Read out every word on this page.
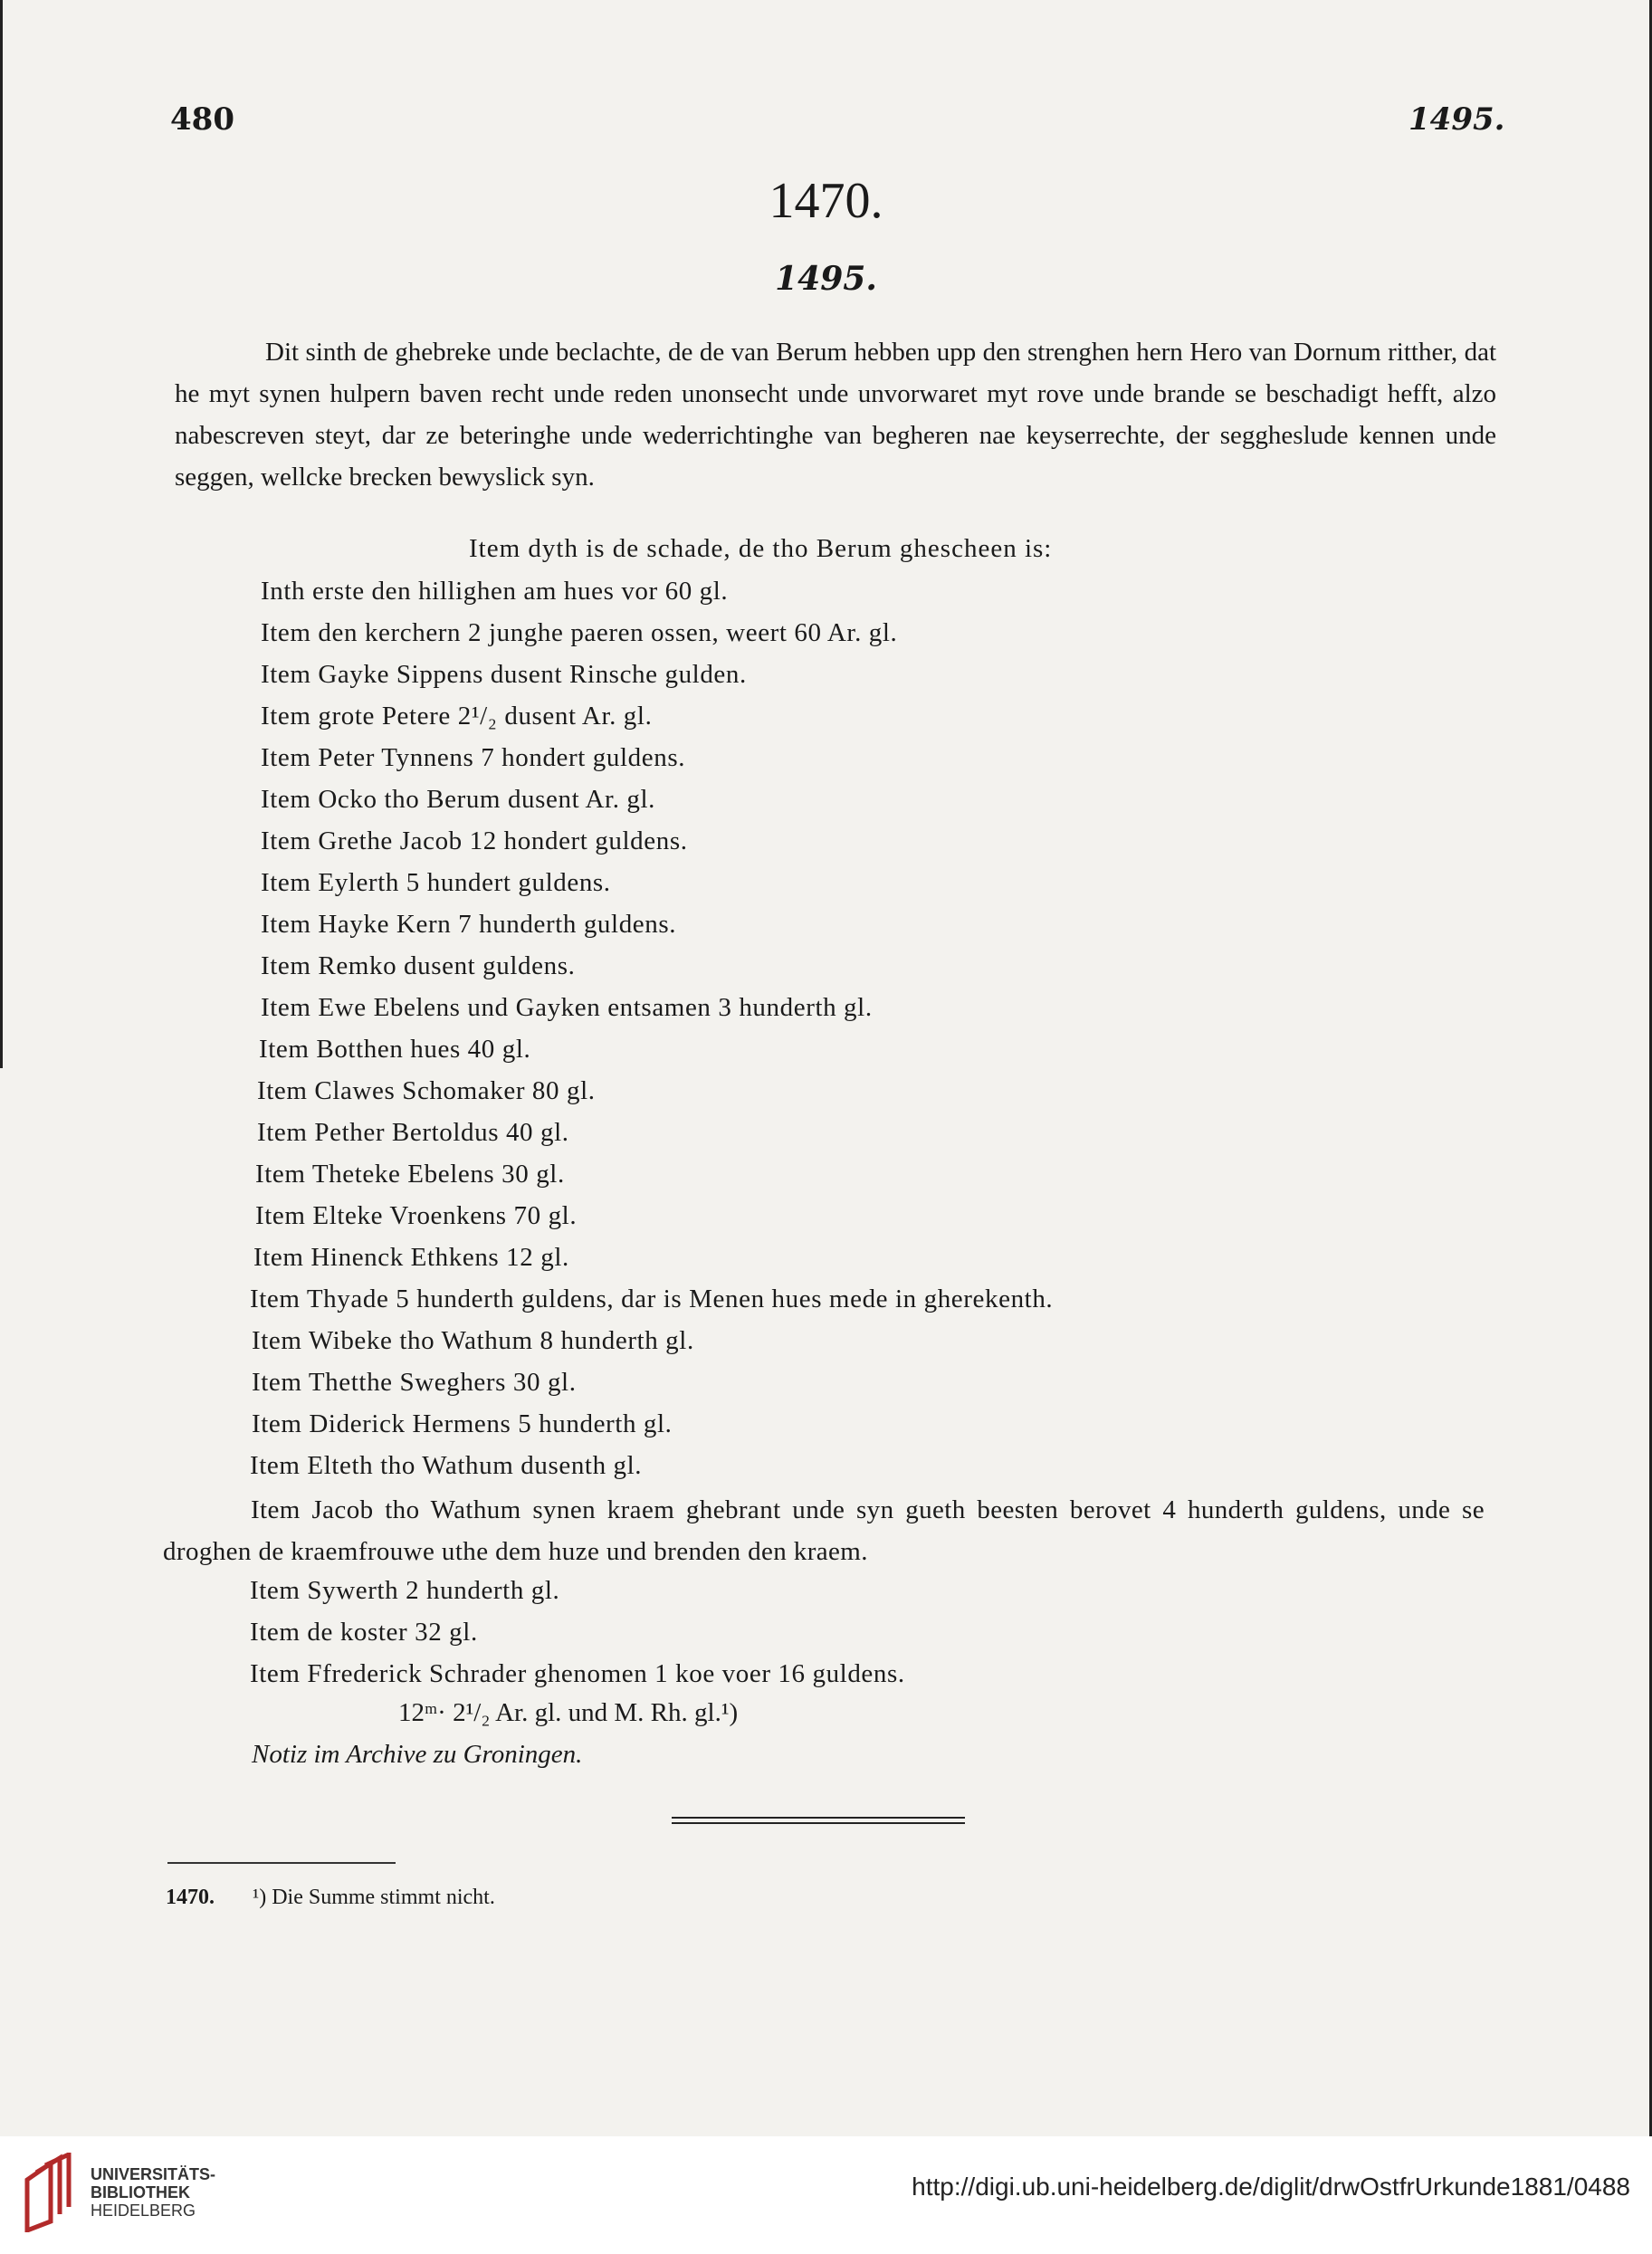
480	1495.
1470.
1495.
Dit sinth de ghebreke unde beclachte, de de van Berum hebben upp den strenghen hern Hero van Dornum ritther, dat he myt synen hulpern baven recht unde reden unonsecht unde unvorwaret myt rove unde brande se beschadigt hefft, alzo nabescreven steyt, dar ze beteringhe unde wederrichtinghe van begheren nae keyserrechte, der seggheslude kennen unde seggen, wellcke brecken bewyslick syn.
Item dyth is de schade, de tho Berum ghescheen is:
Inth erste den hillighen am hues vor 60 gl.
Item den kerchern 2 junghe paeren ossen, weert 60 Ar. gl.
Item Gayke Sippens dusent Rinsche gulden.
Item grote Petere 2¹/₂ dusent Ar. gl.
Item Peter Tynnens 7 hondert guldens.
Item Ocko tho Berum dusent Ar. gl.
Item Grethe Jacob 12 hondert guldens.
Item Eylerth 5 hundert guldens.
Item Hayke Kern 7 hunderth guldens.
Item Remko dusent guldens.
Item Ewe Ebelens und Gayken entsamen 3 hunderth gl.
Item Botthen hues 40 gl.
Item Clawes Schomaker 80 gl.
Item Pether Bertoldus 40 gl.
Item Theteke Ebelens 30 gl.
Item Elteke Vroenkens 70 gl.
Item Hinenck Ethkens 12 gl.
Item Thyade 5 hunderth guldens, dar is Menen hues mede in gherekenth.
Item Wibeke tho Wathum 8 hunderth gl.
Item Thetthe Sweghers 30 gl.
Item Diderick Hermens 5 hunderth gl.
Item Elteth tho Wathum dusenth gl.
Item Jacob tho Wathum synen kraem ghebrant unde syn gueth beesten berovet 4 hunderth guldens, unde se droghen de kraemfrouwe uthe dem huze und brenden den kraem.
Item Sywerth 2 hunderth gl.
Item de koster 32 gl.
Item Ffrederick Schrader ghenomen 1 koe voer 16 guldens.
12ᵐ· 2¹/₂ Ar. gl. und M. Rh. gl.¹)
Notiz im Archive zu Groningen.
1470. ¹) Die Summe stimmt nicht.
UNIVERSITÄTS-
BIBLIOTHEK
HEIDELBERG
http://digi.ub.uni-heidelberg.de/diglit/drwOstfrUrkunde1881/0488
